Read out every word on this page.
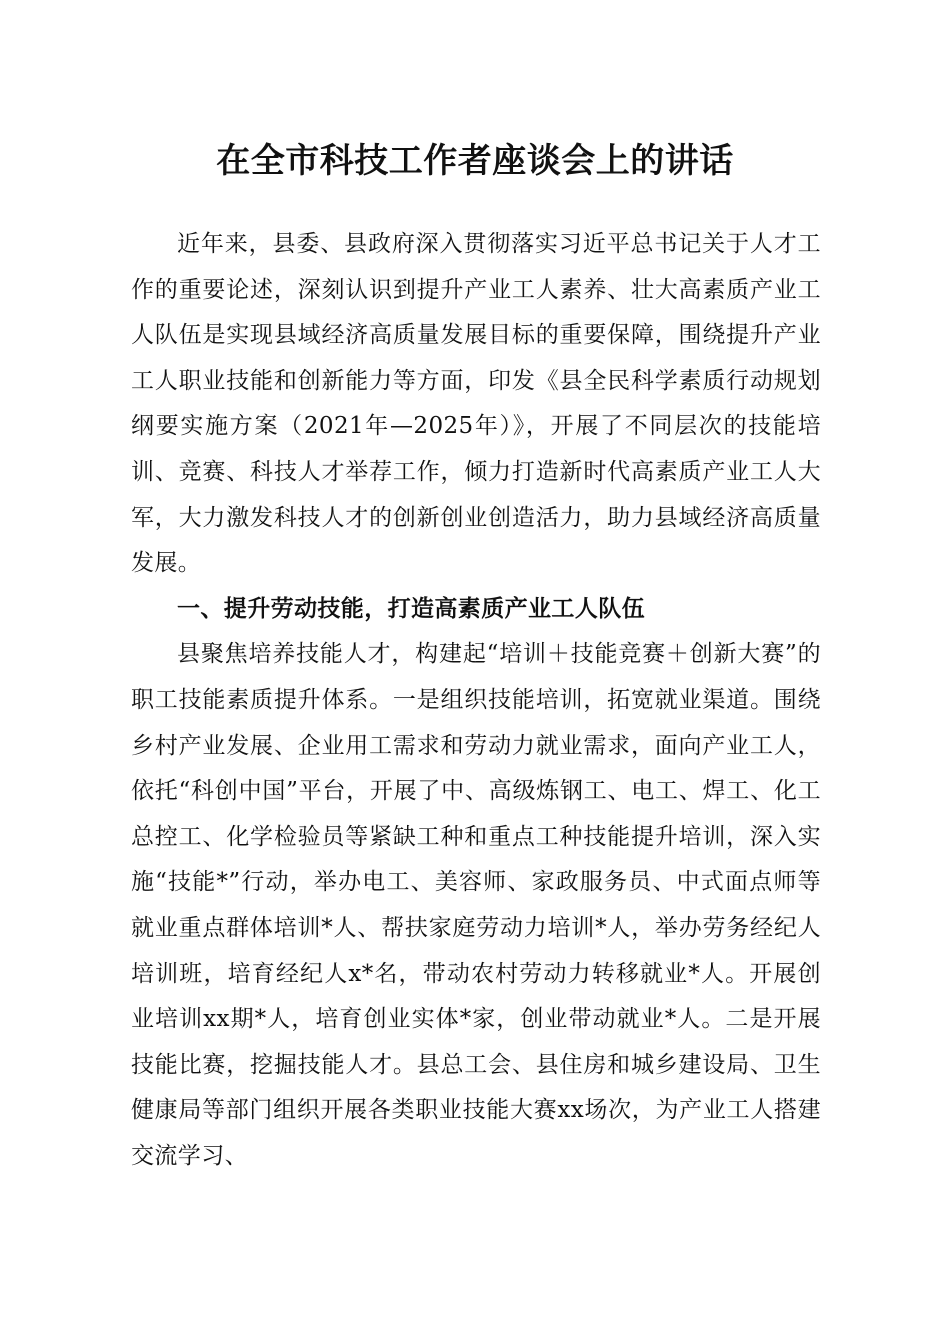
在全市科技工作者座谈会上的讲话

近年来，县委、县政府深入贯彻落实习近平总书记关于人才工作的重要论述，深刻认识到提升产业工人素养、壮大高素质产业工人队伍是实现县域经济高质量发展目标的重要保障，围绕提升产业工人职业技能和创新能力等方面，印发《县全民科学素质行动规划纲要实施方案（2021年—2025年）》，开展了不同层次的技能培训、竞赛、科技人才举荐工作，倾力打造新时代高素质产业工人大军，大力激发科技人才的创新创业创造活力，助力县域经济高质量发展。

一、提升劳动技能，打造高素质产业工人队伍

县聚焦培养技能人才，构建起“培训＋技能竞赛＋创新大赛”的职工技能素质提升体系。一是组织技能培训，拓宽就业渠道。围绕乡村产业发展、企业用工需求和劳动力就业需求，面向产业工人，依托“科创中国”平台，开展了中、高级炼钢工、电工、焊工、化工总控工、化学检验员等紧缺工种和重点工种技能提升培训，深入实施“技能*”行动，举办电工、美容师、家政服务员、中式面点师等就业重点群体培训*人、帮扶家庭劳动力培训*人，举办劳务经纪人培训班，培育经纪人x*名，带动农村劳动力转移就业*人。开展创业培训xx期*人，培育创业实体*家，创业带动就业*人。二是开展技能比赛，挖掘技能人才。县总工会、县住房和城乡建设局、卫生健康局等部门组织开展各类职业技能大赛xx场次，为产业工人搭建交流学习、
